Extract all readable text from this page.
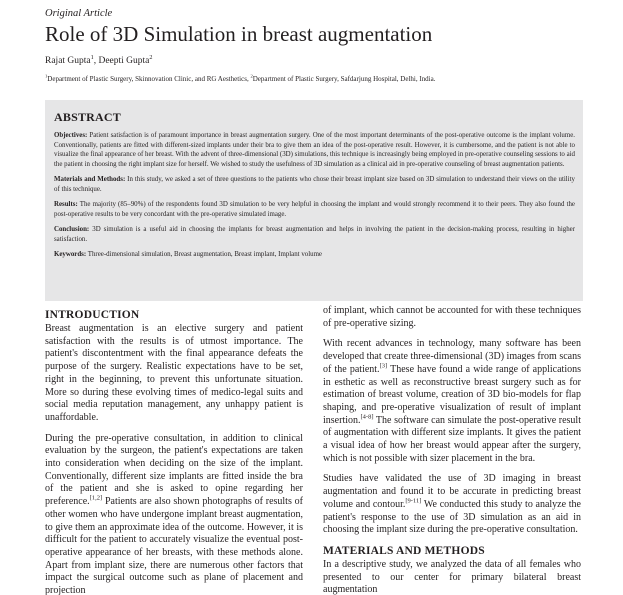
Original Article
Role of 3D Simulation in breast augmentation
Rajat Gupta$^1$, Deepti Gupta$^2$
$^1$Department of Plastic Surgery, Skinnovation Clinic, and RG Aesthetics, $^2$Department of Plastic Surgery, Safdarjung Hospital, Delhi, India.
ABSTRACT

Objectives: Patient satisfaction is of paramount importance in breast augmentation surgery. One of the most important determinants of the post-operative outcome is the implant volume. Conventionally, patients are fitted with different-sized implants under their bra to give them an idea of the post-operative result. However, it is cumbersome, and the patient is not able to visualize the final appearance of her breast. With the advent of three-dimensional (3D) simulations, this technique is increasingly being employed in pre-operative counseling sessions to aid the patient in choosing the right implant size for herself. We wished to study the usefulness of 3D simulation as a clinical aid in pre-operative counseling of breast augmentation patients.

Materials and Methods: In this study, we asked a set of three questions to the patients who chose their breast implant size based on 3D simulation to understand their views on the utility of this technique.

Results: The majority (85–90%) of the respondents found 3D simulation to be very helpful in choosing the implant and would strongly recommend it to their peers. They also found the post-operative results to be very concordant with the pre-operative simulated image.

Conclusion: 3D simulation is a useful aid in choosing the implants for breast augmentation and helps in involving the patient in the decision-making process, resulting in higher satisfaction.

Keywords: Three-dimensional simulation, Breast augmentation, Breast implant, Implant volume

INTRODUCTION

Breast augmentation is an elective surgery and patient satisfaction with the results is of utmost importance. The patient's discontentment with the final appearance defeats the purpose of the surgery. Realistic expectations have to be set, right in the beginning, to prevent this unfortunate situation. More so during these evolving times of medico-legal suits and social media reputation management, any unhappy patient is unaffordable.

During the pre-operative consultation, in addition to clinical evaluation by the surgeon, the patient's expectations are taken into consideration when deciding on the size of the implant. Conventionally, different size implants are fitted inside the bra of the patient and she is asked to opine regarding her preference.[1,2] Patients are also shown photographs of results of other women who have undergone implant breast augmentation, to give them an approximate idea of the outcome. However, it is difficult for the patient to accurately visualize the eventual post-operative appearance of her breasts, with these methods alone. Apart from implant size, there are numerous other factors that impact the surgical outcome such as plane of placement and projection

of implant, which cannot be accounted for with these techniques of pre-operative sizing.

With recent advances in technology, many software has been developed that create three-dimensional (3D) images from scans of the patient.[3] These have found a wide range of applications in esthetic as well as reconstructive breast surgery such as for estimation of breast volume, creation of 3D bio-models for flap shaping, and pre-operative visualization of result of implant insertion.[4-8] The software can simulate the post-operative result of augmentation with different size implants. It gives the patient a visual idea of how her breast would appear after the surgery, which is not possible with sizer placement in the bra.

Studies have validated the use of 3D imaging in breast augmentation and found it to be accurate in predicting breast volume and contour.[9-11] We conducted this study to analyze the patient's response to the use of 3D simulation as an aid in choosing the implant size during the pre-operative consultation.

MATERIALS AND METHODS

In a descriptive study, we analyzed the data of all females who presented to our center for primary bilateral breast augmentation
